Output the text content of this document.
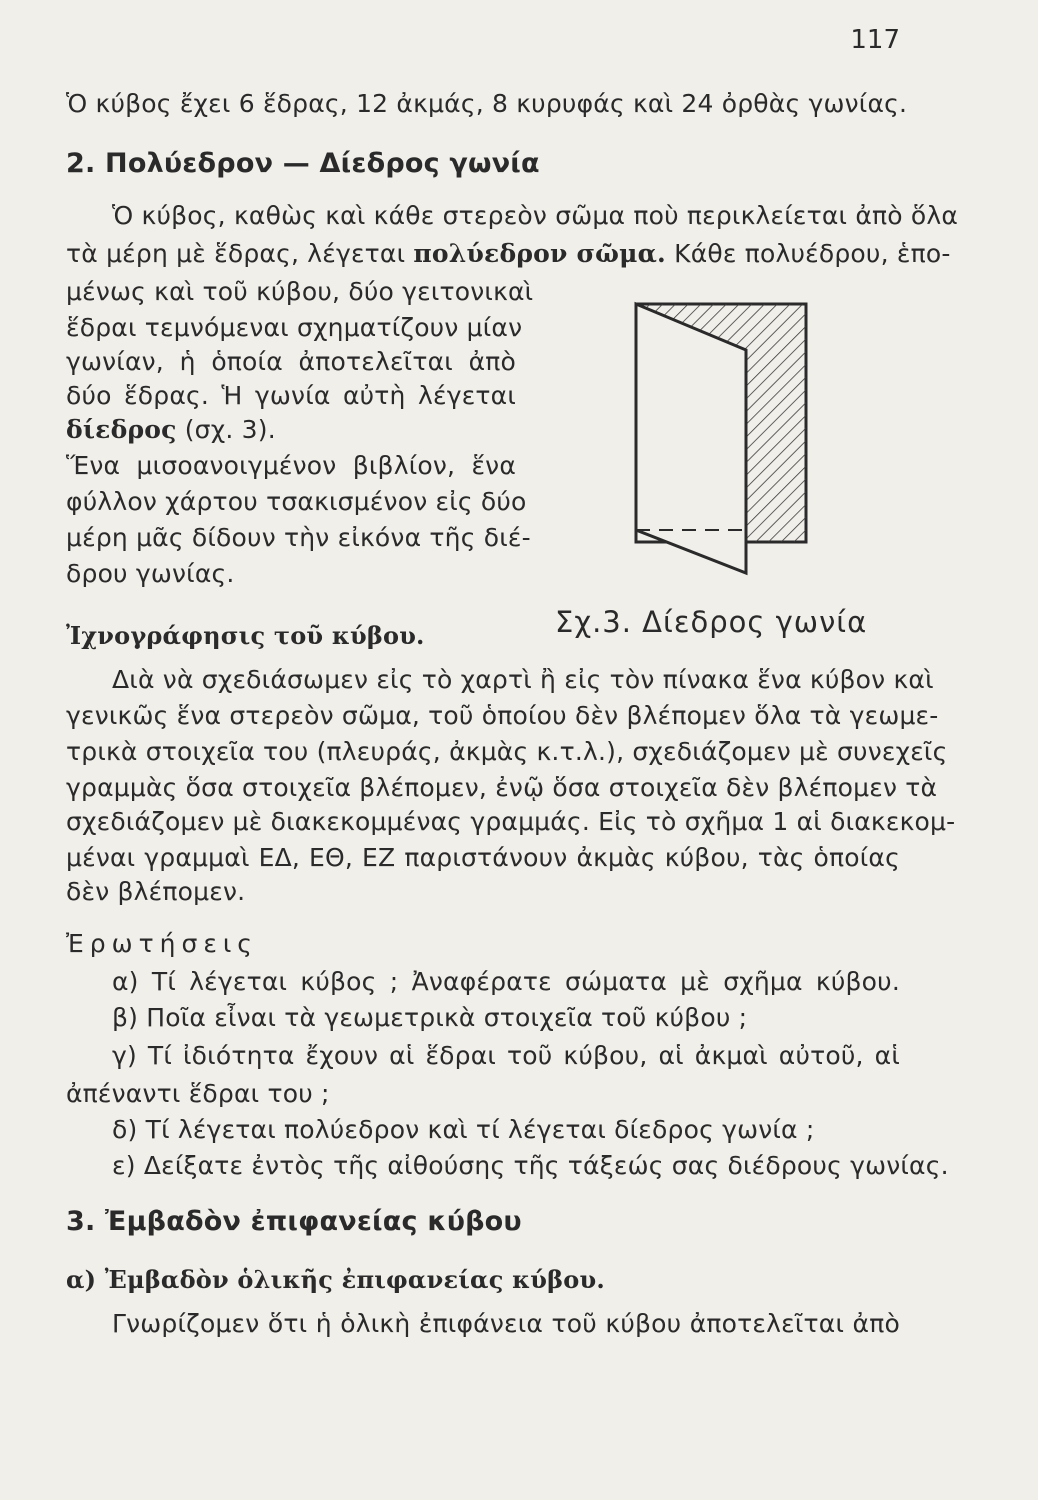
117
Ὁ κύβος ἔχει 6 ἕδρας, 12 ἀκμάς, 8 κυρυφάς καὶ 24 ὀρθὰς γωνίας.
2. Πολύεδρον — Δίεδρος γωνία
Ὁ κύβος, καθὼς καὶ κάθε στερεὸν σῶμα ποὺ περικλείεται ἀπὸ ὅλα
τὰ μέρη μὲ ἕδρας, λέγεται πολύεδρον σῶμα. Κάθε πολυέδρου, ἑπο-
μένως καὶ τοῦ κύβου, δύο γειτονικαὶ
ἕδραι τεμνόμεναι σχηματίζουν μίαν
γωνίαν, ἡ ὁποία ἀποτελεῖται ἀπὸ
δύο ἕδρας. Ἡ γωνία αὐτὴ λέγεται
δίεδρος (σχ. 3).
Ἕνα μισοανοιγμένον βιβλίον, ἕνα
φύλλον χάρτου τσακισμένον εἰς δύο
μέρη μᾶς δίδουν τὴν εἰκόνα τῆς διέ-
δρου γωνίας.
Σχ.3. Δίεδρος γωνία
Ἰχνογράφησις τοῦ κύβου.
Διὰ νὰ σχεδιάσωμεν εἰς τὸ χαρτὶ ἢ εἰς τὸν πίνακα ἕνα κύβον καὶ
γενικῶς ἕνα στερεὸν σῶμα, τοῦ ὁποίου δὲν βλέπομεν ὅλα τὰ γεωμε-
τρικὰ στοιχεῖα του (πλευράς, ἀκμὰς κ.τ.λ.), σχεδιάζομεν μὲ συνεχεῖς
γραμμὰς ὅσα στοιχεῖα βλέπομεν, ἐνῷ ὅσα στοιχεῖα δὲν βλέπομεν τὰ
σχεδιάζομεν μὲ διακεκομμένας γραμμάς. Εἰς τὸ σχῆμα 1 αἱ διακεκομ-
μέναι γραμμαὶ ΕΔ, ΕΘ, ΕΖ παριστάνουν ἀκμὰς κύβου, τὰς ὁποίας
δὲν βλέπομεν.
Ἐρωτήσεις
α) Τί λέγεται κύβος ; Ἀναφέρατε σώματα μὲ σχῆμα κύβου.
β) Ποῖα εἶναι τὰ γεωμετρικὰ στοιχεῖα τοῦ κύβου ;
γ) Τί ἰδιότητα ἔχουν αἱ ἕδραι τοῦ κύβου, αἱ ἀκμαὶ αὐτοῦ, αἱ
ἀπέναντι ἕδραι του ;
δ) Τί λέγεται πολύεδρον καὶ τί λέγεται δίεδρος γωνία ;
ε) Δείξατε ἐντὸς τῆς αἰθούσης τῆς τάξεώς σας διέδρους γωνίας.
3. Ἐμβαδὸν ἐπιφανείας κύβου
α) Ἐμβαδὸν ὁλικῆς ἐπιφανείας κύβου.
Γνωρίζομεν ὅτι ἡ ὁλικὴ ἐπιφάνεια τοῦ κύβου ἀποτελεῖται ἀπὸ
